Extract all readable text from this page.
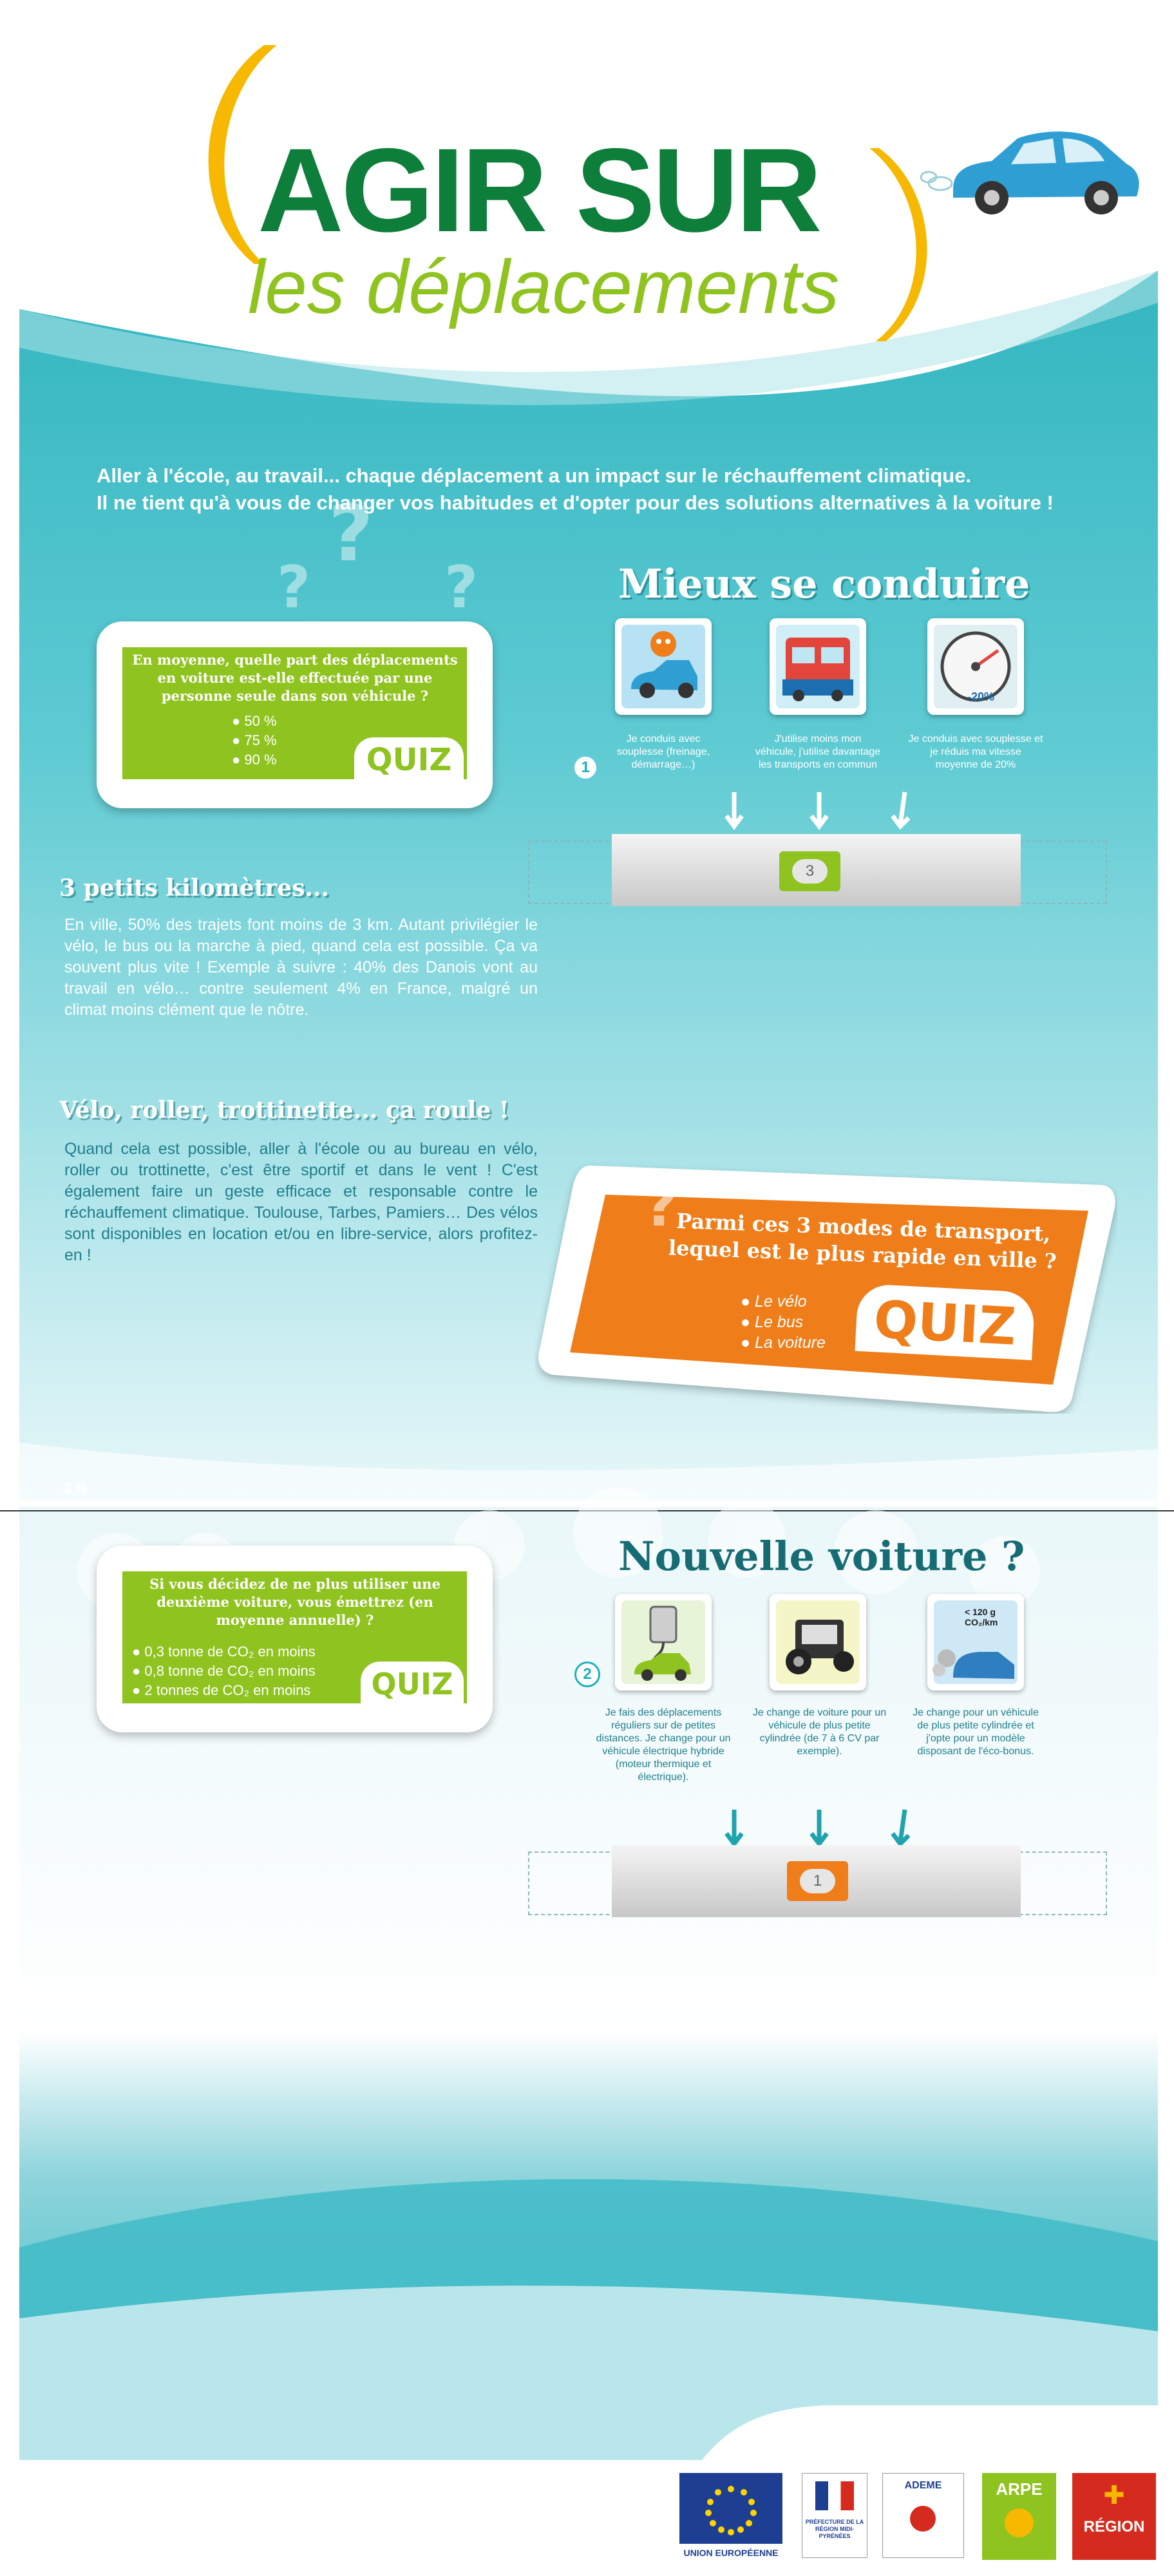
AGIR SUR
les déplacements
Aller à l'école, au travail... chaque déplacement a un impact sur le réchauffement climatique.
Il ne tient qu'à vous de changer vos habitudes et d'opter pour des solutions alternatives à la voiture !
?
? ?
En moyenne, quelle part des déplacements en voiture est-elle effectuée par une personne seule dans son véhicule ?
● 50 %
● 75 %
● 90 %	QUIZ
3 petits kilomètres...
En ville, 50% des trajets font moins de 3 km. Autant privilégier le vélo, le bus ou la marche à pied, quand cela est possible. Ça va souvent plus vite ! Exemple à suivre : 40% des Danois vont au travail en vélo… contre seulement 4% en France, malgré un climat moins clément que le nôtre.
Vélo, roller, trottinette... ça roule !
Quand cela est possible, aller à l'école ou au bureau en vélo, roller ou trottinette, c'est être sportif et dans le vent ! C'est également faire un geste efficace et responsable contre le réchauffement climatique. Toulouse, Tarbes, Pamiers… Des vélos sont disponibles en location et/ou en libre-service, alors profitez-en !
Mieux se conduire
-20%
1
Je conduis avec souplesse (freinage, démarrage…)
J'utilise moins mon véhicule, j'utilise davantage les transports en commun
Je conduis avec souplesse et je réduis ma vitesse moyenne de 20%
3
?
Parmi ces 3 modes de transport, lequel est le plus rapide en ville ?
● Le vélo
● Le bus
● La voiture QUIZ
3 B
Si vous décidez de ne plus utiliser une deuxième voiture, vous émettrez (en moyenne annuelle) ?
● 0,3 tonne de CO₂ en moins
● 0,8 tonne de CO₂ en moins
● 2 tonnes de CO₂ en moins	QUIZ
Nouvelle voiture ?
< 120 g CO₂/km
2
Je fais des déplacements réguliers sur de petites distances. Je change pour un véhicule électrique hybride (moteur thermique et électrique).
Je change de voiture pour un véhicule de plus petite cylindrée (de 7 à 6 CV par exemple).
Je change pour un véhicule de plus petite cylindrée et j'opte pour un modèle disposant de l'éco-bonus.
1
3 B
UNION EUROPÉENNE
PRÉFECTURE DE LA RÉGION MIDI-PYRÉNÉES
ADEME	ARPE	✚
RÉGION
